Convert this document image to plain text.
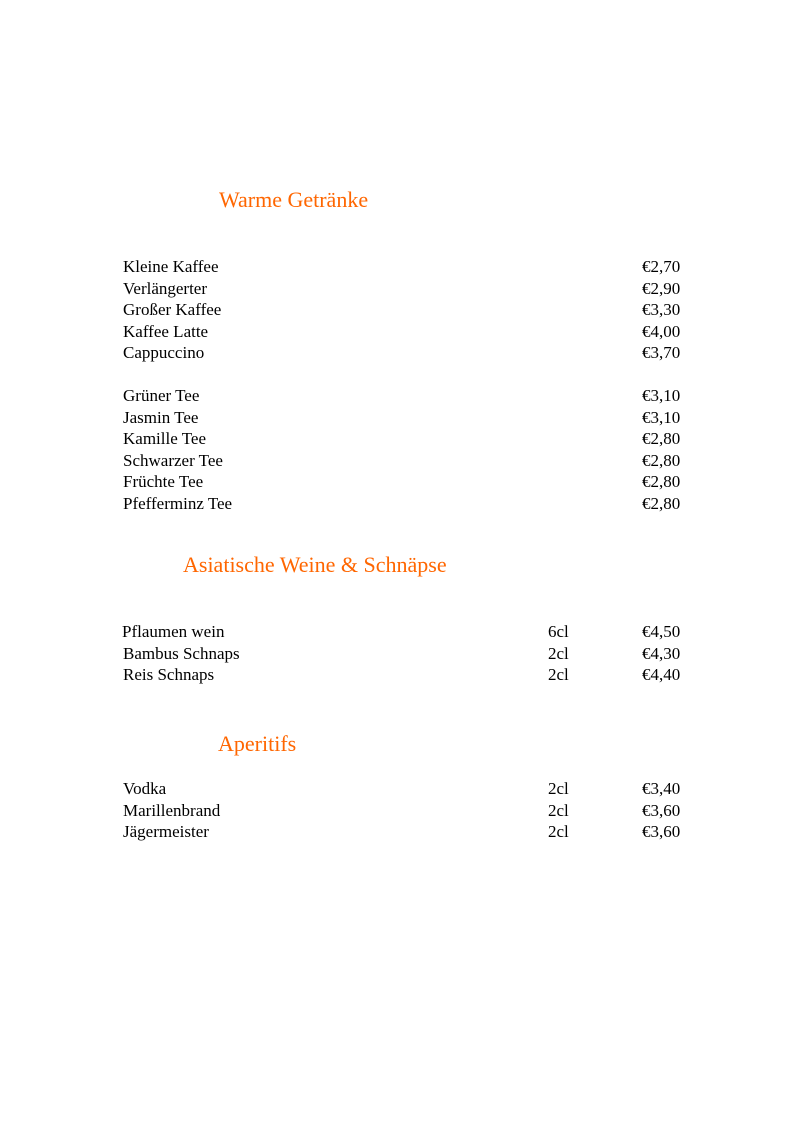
Warme Getränke
Kleine Kaffee	€2,70
Verlängerter	€2,90
Großer Kaffee	€3,30
Kaffee Latte	€4,00
Cappuccino	€3,70
Grüner Tee	€3,10
Jasmin Tee	€3,10
Kamille Tee	€2,80
Schwarzer Tee	€2,80
Früchte Tee	€2,80
Pfefferminz Tee	€2,80
Asiatische Weine & Schnäpse
Pflaumen wein	6cl	€4,50
Bambus Schnaps	2cl	€4,30
Reis Schnaps	2cl	€4,40
Aperitifs
Vodka	2cl	€3,40
Marillenbrand	2cl	€3,60
Jägermeister	2cl	€3,60
